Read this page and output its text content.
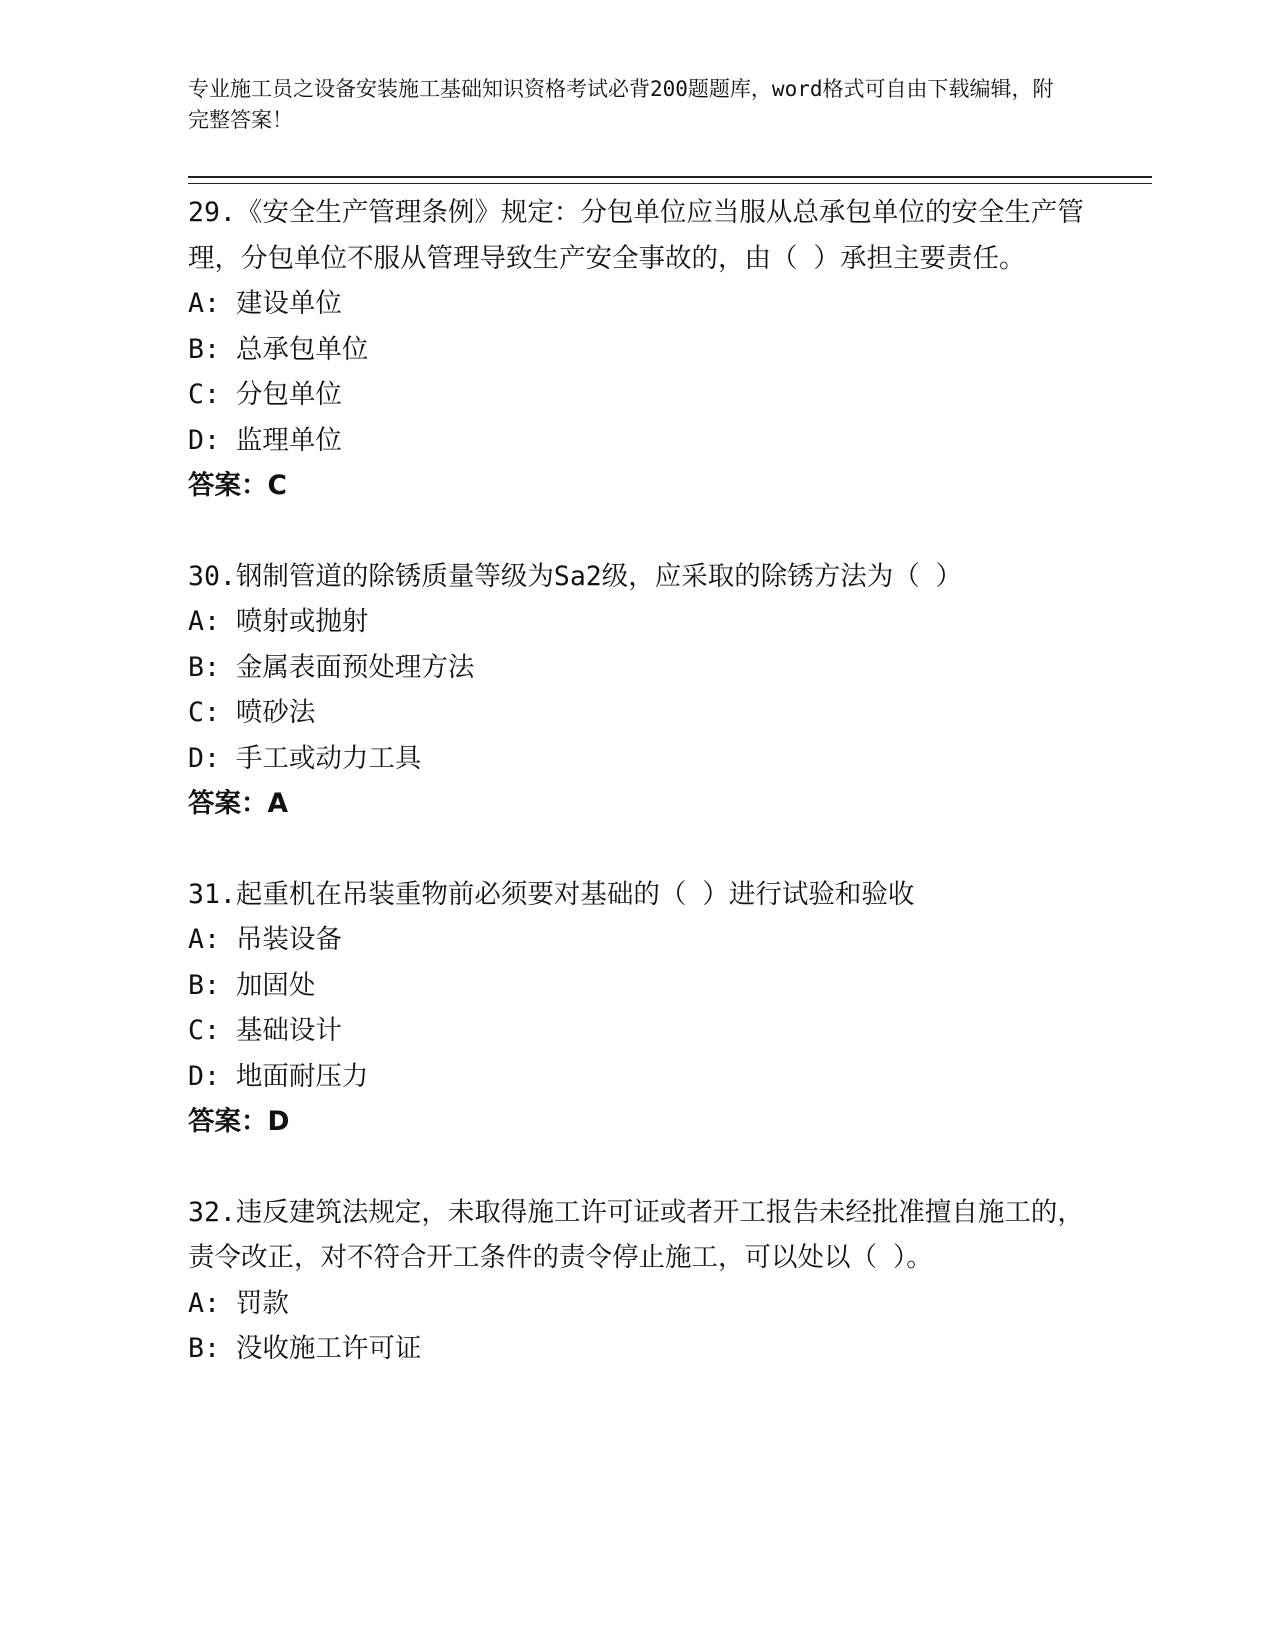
专业施工员之设备安装施工基础知识资格考试必背200题题库，word格式可自由下载编辑，附完整答案！

29.《安全生产管理条例》规定：分包单位应当服从总承包单位的安全生产管理，分包单位不服从管理导致生产安全事故的，由（ ）承担主要责任。

A: 建设单位

B: 总承包单位

C: 分包单位

D: 监理单位

答案：C

30.钢制管道的除锈质量等级为Sa2级，应采取的除锈方法为（ ）

A: 喷射或抛射

B: 金属表面预处理方法

C: 喷砂法

D: 手工或动力工具

答案：A

31.起重机在吊装重物前必须要对基础的（ ）进行试验和验收

A: 吊装设备

B: 加固处

C: 基础设计

D: 地面耐压力

答案：D

32.违反建筑法规定，未取得施工许可证或者开工报告未经批准擅自施工的，责令改正，对不符合开工条件的责令停止施工，可以处以（ ）。

A: 罚款

B: 没收施工许可证
